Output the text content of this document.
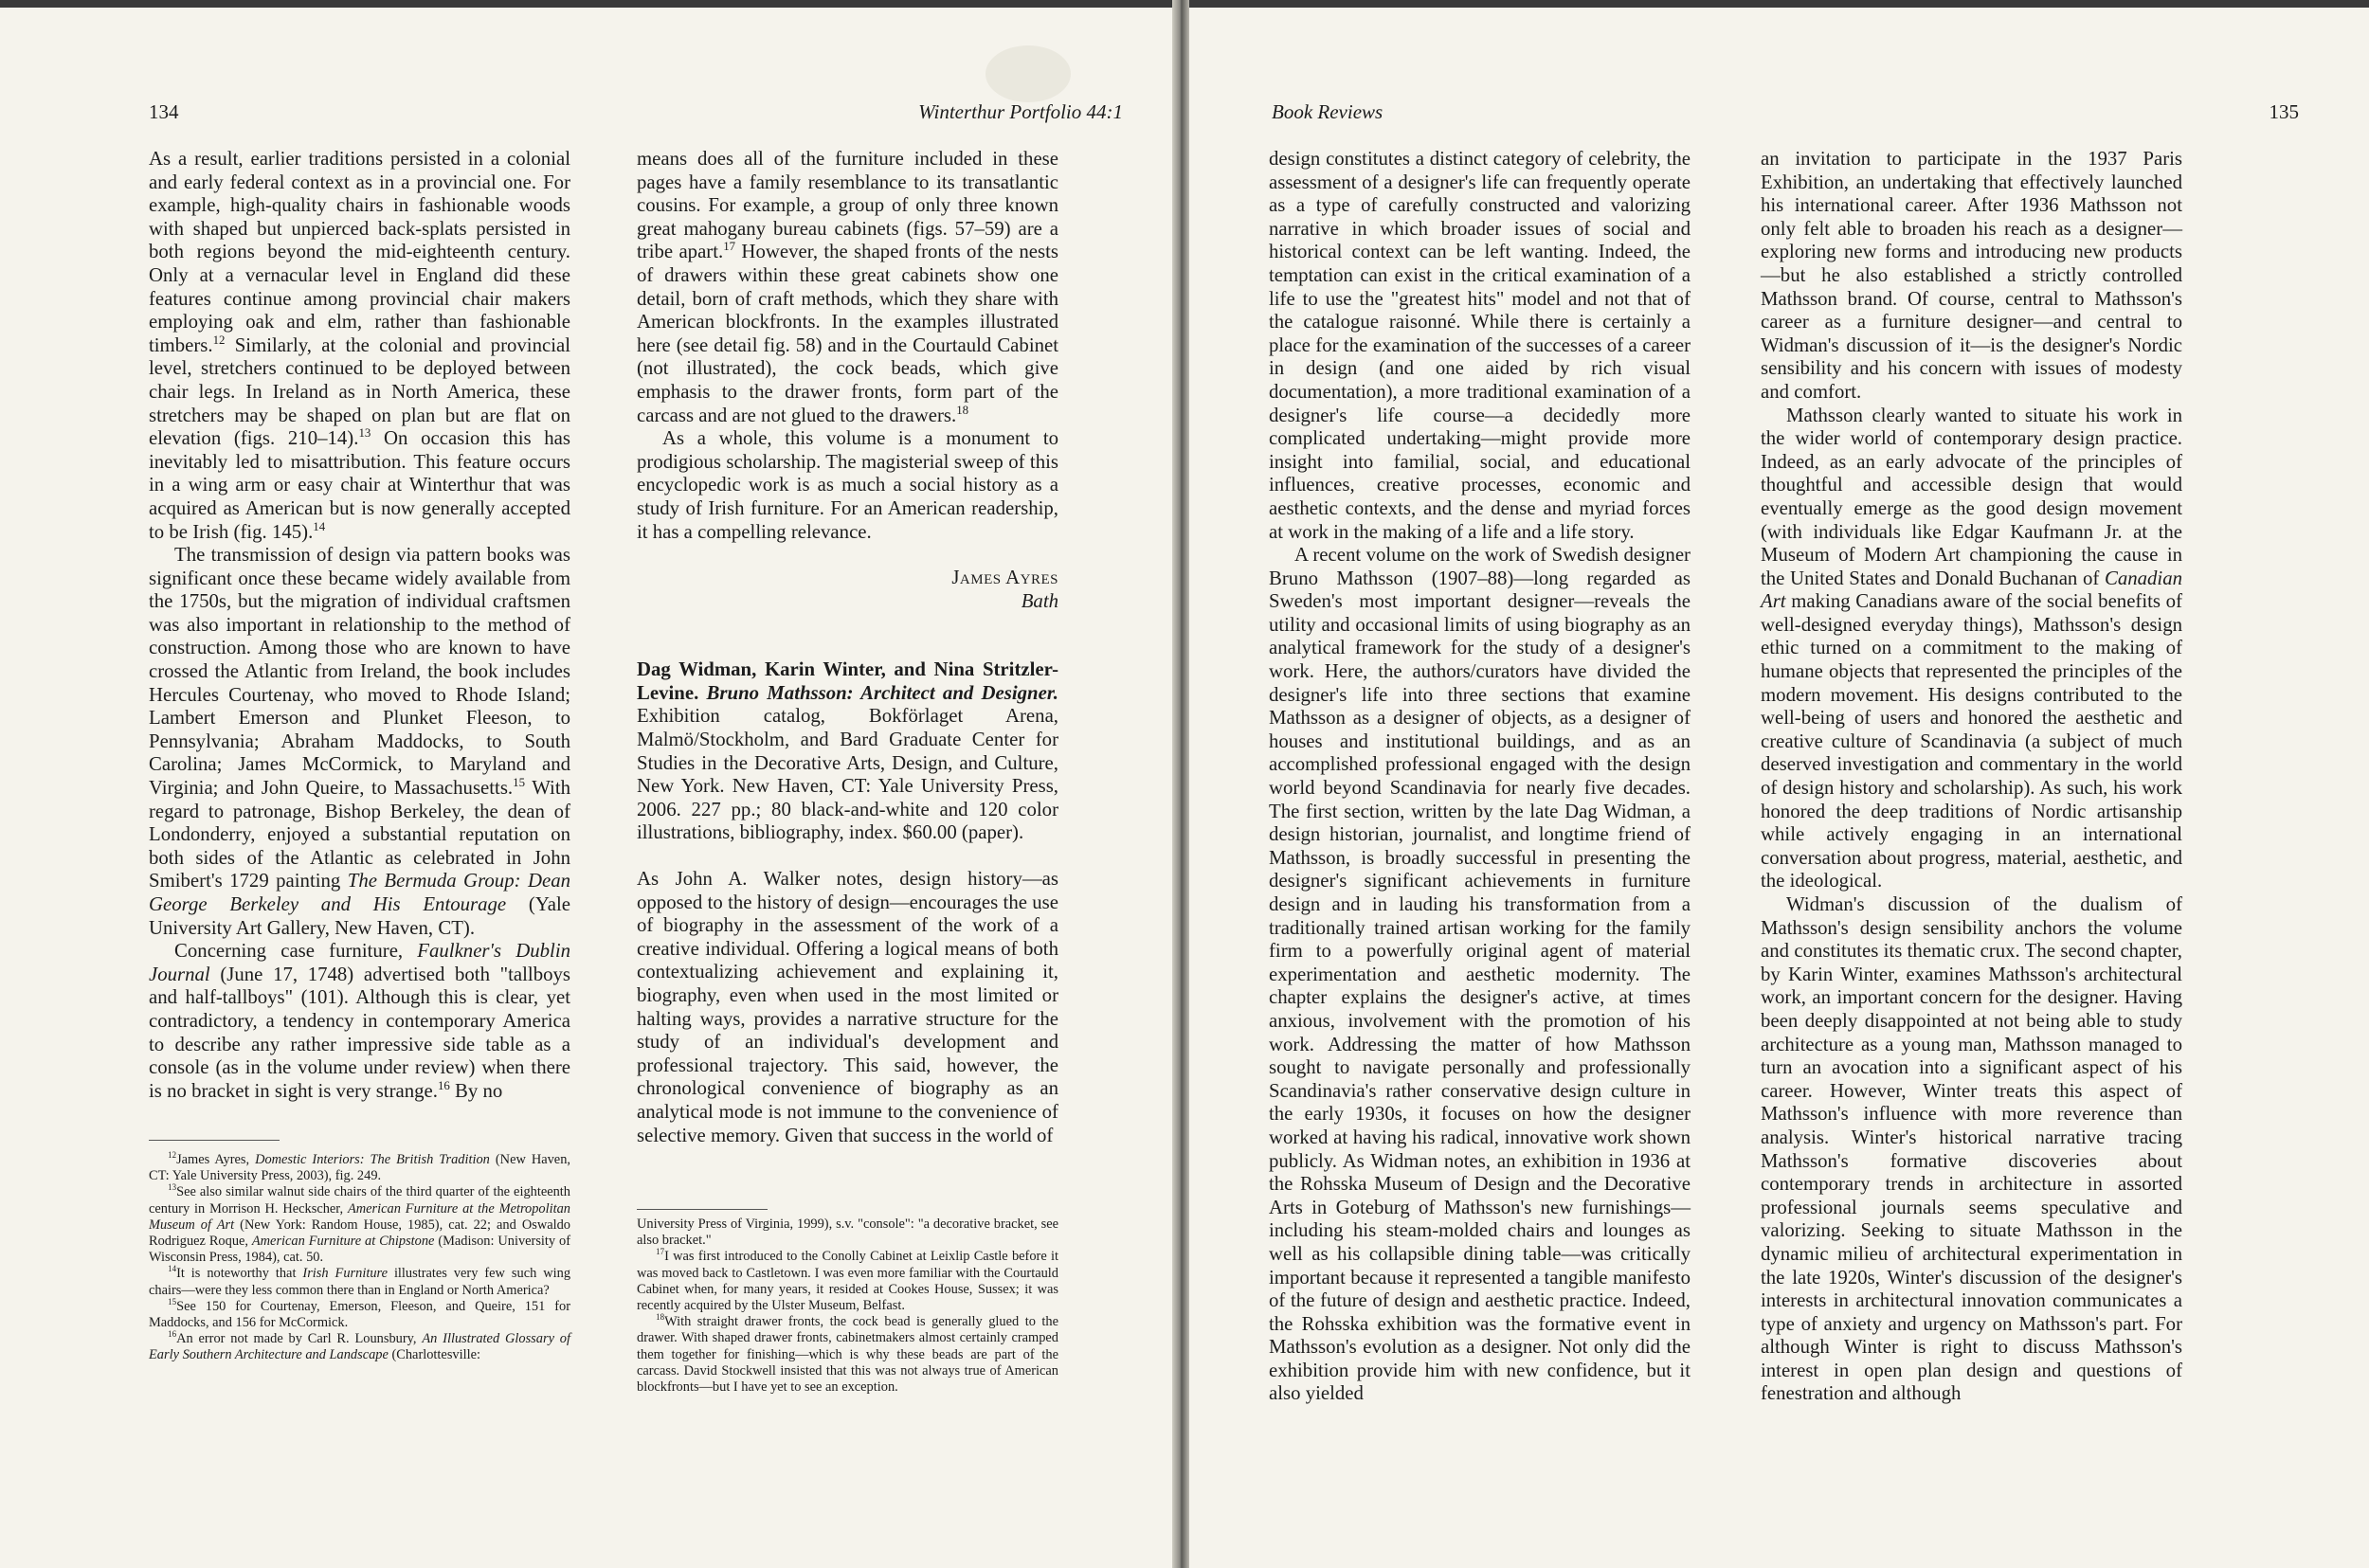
134	Winterthur Portfolio 44:1

As a result, earlier traditions persisted in a colonial and early federal context as in a provincial one. For example, high-quality chairs in fashionable woods with shaped but unpierced back-splats persisted in both regions beyond the mid-eighteenth century. Only at a vernacular level in England did these features continue among provincial chair makers employing oak and elm, rather than fashionable timbers.$^{12}$ Similarly, at the colonial and provincial level, stretchers continued to be deployed between chair legs. In Ireland as in North America, these stretchers may be shaped on plan but are flat on elevation (figs. 210–14).$^{13}$ On occasion this has inevitably led to misattribution. This feature occurs in a wing arm or easy chair at Winterthur that was acquired as American but is now generally accepted to be Irish (fig. 145).$^{14}$

The transmission of design via pattern books was significant once these became widely available from the 1750s, but the migration of individual craftsmen was also important in relationship to the method of construction. Among those who are known to have crossed the Atlantic from Ireland, the book includes Hercules Courtenay, who moved to Rhode Island; Lambert Emerson and Plunket Fleeson, to Pennsylvania; Abraham Maddocks, to South Carolina; James McCormick, to Maryland and Virginia; and John Queire, to Massachusetts.$^{15}$ With regard to patronage, Bishop Berkeley, the dean of Londonderry, enjoyed a substantial reputation on both sides of the Atlantic as celebrated in John Smibert's 1729 painting The Bermuda Group: Dean George Berkeley and His Entourage (Yale University Art Gallery, New Haven, CT).

Concerning case furniture, Faulkner's Dublin Journal (June 17, 1748) advertised both "tallboys and half-tallboys" (101). Although this is clear, yet contradictory, a tendency in contemporary America to describe any rather impressive side table as a console (as in the volume under review) when there is no bracket in sight is very strange.$^{16}$ By no

$^{12}$James Ayres, Domestic Interiors: The British Tradition (New Haven, CT: Yale University Press, 2003), fig. 249.

$^{13}$See also similar walnut side chairs of the third quarter of the eighteenth century in Morrison H. Heckscher, American Furniture at the Metropolitan Museum of Art (New York: Random House, 1985), cat. 22; and Oswaldo Rodriguez Roque, American Furniture at Chipstone (Madison: University of Wisconsin Press, 1984), cat. 50.

$^{14}$It is noteworthy that Irish Furniture illustrates very few such wing chairs—were they less common there than in England or North America?

$^{15}$See 150 for Courtenay, Emerson, Fleeson, and Queire, 151 for Maddocks, and 156 for McCormick.

$^{16}$An error not made by Carl R. Lounsbury, An Illustrated Glossary of Early Southern Architecture and Landscape (Charlottesville:

means does all of the furniture included in these pages have a family resemblance to its transatlantic cousins. For example, a group of only three known great mahogany bureau cabinets (figs. 57–59) are a tribe apart.$^{17}$ However, the shaped fronts of the nests of drawers within these great cabinets show one detail, born of craft methods, which they share with American blockfronts. In the examples illustrated here (see detail fig. 58) and in the Courtauld Cabinet (not illustrated), the cock beads, which give emphasis to the drawer fronts, form part of the carcass and are not glued to the drawers.$^{18}$

As a whole, this volume is a monument to prodigious scholarship. The magisterial sweep of this encyclopedic work is as much a social history as a study of Irish furniture. For an American readership, it has a compelling relevance.

James Ayres

Bath

Dag Widman, Karin Winter, and Nina Stritzler-Levine. Bruno Mathsson: Architect and Designer. Exhibition catalog, Bokförlaget Arena, Malmö/Stockholm, and Bard Graduate Center for Studies in the Decorative Arts, Design, and Culture, New York. New Haven, CT: Yale University Press, 2006. 227 pp.; 80 black-and-white and 120 color illustrations, bibliography, index. $60.00 (paper).

As John A. Walker notes, design history—as opposed to the history of design—encourages the use of biography in the assessment of the work of a creative individual. Offering a logical means of both contextualizing achievement and explaining it, biography, even when used in the most limited or halting ways, provides a narrative structure for the study of an individual's development and professional trajectory. This said, however, the chronological convenience of biography as an analytical mode is not immune to the convenience of selective memory. Given that success in the world of

University Press of Virginia, 1999), s.v. "console": "a decorative bracket, see also bracket."

$^{17}$I was first introduced to the Conolly Cabinet at Leixlip Castle before it was moved back to Castletown. I was even more familiar with the Courtauld Cabinet when, for many years, it resided at Cookes House, Sussex; it was recently acquired by the Ulster Museum, Belfast.

$^{18}$With straight drawer fronts, the cock bead is generally glued to the drawer. With shaped drawer fronts, cabinetmakers almost certainly cramped them together for finishing—which is why these beads are part of the carcass. David Stockwell insisted that this was not always true of American blockfronts—but I have yet to see an exception.

Book Reviews	135

design constitutes a distinct category of celebrity, the assessment of a designer's life can frequently operate as a type of carefully constructed and valorizing narrative in which broader issues of social and historical context can be left wanting. Indeed, the temptation can exist in the critical examination of a life to use the "greatest hits" model and not that of the catalogue raisonné. While there is certainly a place for the examination of the successes of a career in design (and one aided by rich visual documentation), a more traditional examination of a designer's life course—a decidedly more complicated undertaking—might provide more insight into familial, social, and educational influences, creative processes, economic and aesthetic contexts, and the dense and myriad forces at work in the making of a life and a life story.

A recent volume on the work of Swedish designer Bruno Mathsson (1907–88)—long regarded as Sweden's most important designer—reveals the utility and occasional limits of using biography as an analytical framework for the study of a designer's work. Here, the authors/curators have divided the designer's life into three sections that examine Mathsson as a designer of objects, as a designer of houses and institutional buildings, and as an accomplished professional engaged with the design world beyond Scandinavia for nearly five decades. The first section, written by the late Dag Widman, a design historian, journalist, and longtime friend of Mathsson, is broadly successful in presenting the designer's significant achievements in furniture design and in lauding his transformation from a traditionally trained artisan working for the family firm to a powerfully original agent of material experimentation and aesthetic modernity. The chapter explains the designer's active, at times anxious, involvement with the promotion of his work. Addressing the matter of how Mathsson sought to navigate personally and professionally Scandinavia's rather conservative design culture in the early 1930s, it focuses on how the designer worked at having his radical, innovative work shown publicly. As Widman notes, an exhibition in 1936 at the Rohsska Museum of Design and the Decorative Arts in Goteburg of Mathsson's new furnishings—including his steam-molded chairs and lounges as well as his collapsible dining table—was critically important because it represented a tangible manifesto of the future of design and aesthetic practice. Indeed, the Rohsska exhibition was the formative event in Mathsson's evolution as a designer. Not only did the exhibition provide him with new confidence, but it also yielded

an invitation to participate in the 1937 Paris Exhibition, an undertaking that effectively launched his international career. After 1936 Mathsson not only felt able to broaden his reach as a designer—exploring new forms and introducing new products—but he also established a strictly controlled Mathsson brand. Of course, central to Mathsson's career as a furniture designer—and central to Widman's discussion of it—is the designer's Nordic sensibility and his concern with issues of modesty and comfort.

Mathsson clearly wanted to situate his work in the wider world of contemporary design practice. Indeed, as an early advocate of the principles of thoughtful and accessible design that would eventually emerge as the good design movement (with individuals like Edgar Kaufmann Jr. at the Museum of Modern Art championing the cause in the United States and Donald Buchanan of Canadian Art making Canadians aware of the social benefits of well-designed everyday things), Mathsson's design ethic turned on a commitment to the making of humane objects that represented the principles of the modern movement. His designs contributed to the well-being of users and honored the aesthetic and creative culture of Scandinavia (a subject of much deserved investigation and commentary in the world of design history and scholarship). As such, his work honored the deep traditions of Nordic artisanship while actively engaging in an international conversation about progress, material, aesthetic, and the ideological.

Widman's discussion of the dualism of Mathsson's design sensibility anchors the volume and constitutes its thematic crux. The second chapter, by Karin Winter, examines Mathsson's architectural work, an important concern for the designer. Having been deeply disappointed at not being able to study architecture as a young man, Mathsson managed to turn an avocation into a significant aspect of his career. However, Winter treats this aspect of Mathsson's influence with more reverence than analysis. Winter's historical narrative tracing Mathsson's formative discoveries about contemporary trends in architecture in assorted professional journals seems speculative and valorizing. Seeking to situate Mathsson in the dynamic milieu of architectural experimentation in the late 1920s, Winter's discussion of the designer's interests in architectural innovation communicates a type of anxiety and urgency on Mathsson's part. For although Winter is right to discuss Mathsson's interest in open plan design and questions of fenestration and although
